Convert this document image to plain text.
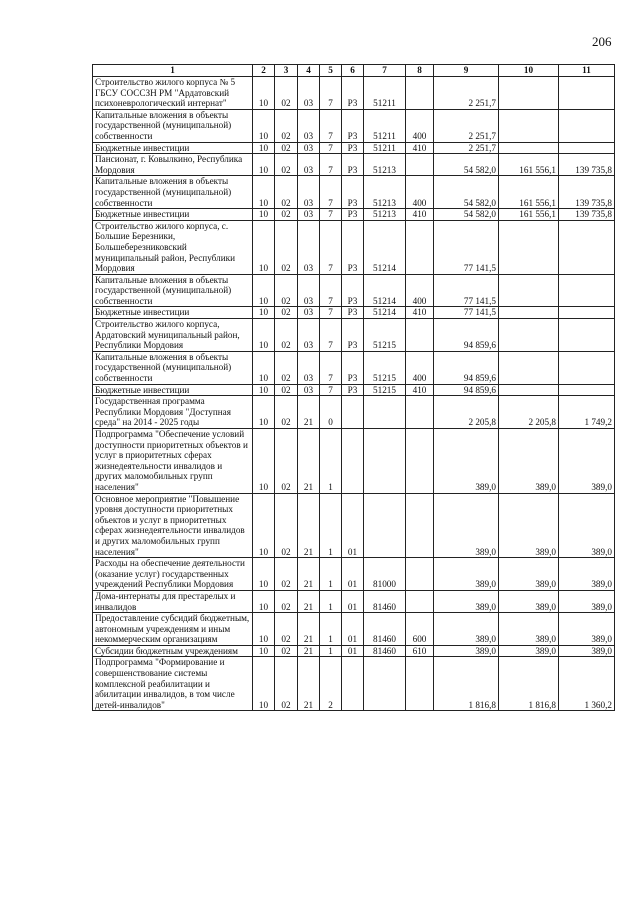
206
1	2	3	4	5	6	7	8	9	10	11
Строительство жилого корпуса № 5 ГБСУ СОССЗН РМ "Ардатовский психоневрологический интернат"	10	02	03	7	Р3	51211		2 251,7		
Капитальные вложения в объекты государственной (муниципальной) собственности	10	02	03	7	Р3	51211	400	2 251,7		
Бюджетные инвестиции	10	02	03	7	Р3	51211	410	2 251,7		
Пансионат, г. Ковылкино, Республика Мордовия	10	02	03	7	Р3	51213		54 582,0	161 556,1	139 735,8
Капитальные вложения в объекты государственной (муниципальной) собственности	10	02	03	7	Р3	51213	400	54 582,0	161 556,1	139 735,8
Бюджетные инвестиции	10	02	03	7	Р3	51213	410	54 582,0	161 556,1	139 735,8
Строительство жилого корпуса, с. Большие Березники, Большеберезниковский муниципальный район, Республики Мордовия	10	02	03	7	Р3	51214		77 141,5		
Капитальные вложения в объекты государственной (муниципальной) собственности	10	02	03	7	Р3	51214	400	77 141,5		
Бюджетные инвестиции	10	02	03	7	Р3	51214	410	77 141,5		
Строительство жилого корпуса, Ардатовский муниципальный район, Республики Мордовия	10	02	03	7	Р3	51215		94 859,6		
Капитальные вложения в объекты государственной (муниципальной) собственности	10	02	03	7	Р3	51215	400	94 859,6		
Бюджетные инвестиции	10	02	03	7	Р3	51215	410	94 859,6		
Государственная программа Республики Мордовия "Доступная среда" на 2014 - 2025 годы	10	02	21	0				2 205,8	2 205,8	1 749,2
Подпрограмма "Обеспечение условий доступности приоритетных объектов и услуг в приоритетных сферах жизнедеятельности инвалидов и других маломобильных групп населения"	10	02	21	1				389,0	389,0	389,0
Основное мероприятие "Повышение уровня доступности приоритетных объектов и услуг в приоритетных сферах жизнедеятельности инвалидов и других маломобильных групп населения"	10	02	21	1	01			389,0	389,0	389,0
Расходы на обеспечение деятельности (оказание услуг) государственных учреждений Республики Мордовия	10	02	21	1	01	81000		389,0	389,0	389,0
Дома-интернаты для престарелых и инвалидов	10	02	21	1	01	81460		389,0	389,0	389,0
Предоставление субсидий бюджетным, автономным учреждениям и иным некоммерческим организациям	10	02	21	1	01	81460	600	389,0	389,0	389,0
Субсидии бюджетным учреждениям	10	02	21	1	01	81460	610	389,0	389,0	389,0
Подпрограмма "Формирование и совершенствование системы комплексной реабилитации и абилитации инвалидов, в том числе детей-инвалидов"	10	02	21	2				1 816,8	1 816,8	1 360,2
